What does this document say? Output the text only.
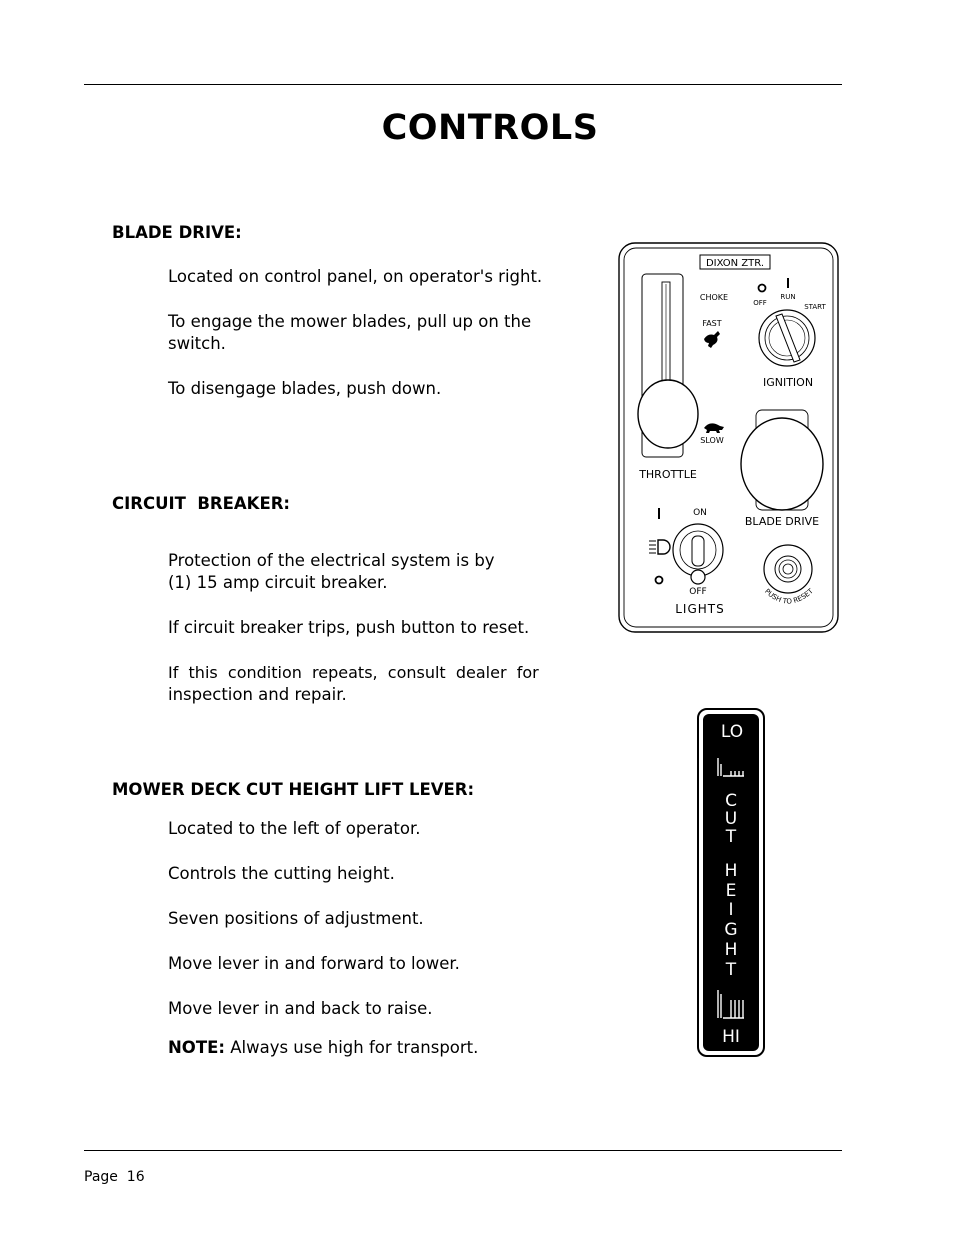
CONTROLS
BLADE DRIVE:

Located on control panel, on operator's right.

To engage the mower blades, pull up on the

switch.

To disengage blades, push down.

CIRCUIT  BREAKER:

Protection of the electrical system is by

(1) 15 amp circuit breaker.

If circuit breaker trips, push button to reset.

If  this  condition  repeats,  consult  dealer  for

inspection and repair.

MOWER DECK CUT HEIGHT LIFT LEVER:

Located to the left of operator.

Controls the cutting height.

Seven positions of adjustment.

Move lever in and forward to lower.

Move lever in and back to raise.

NOTE: Always use high for transport.

DIXON ZTR.
THROTTLE
CHOKE
FAST
SLOW
OFF
RUN
START
IGNITION
BLADE DRIVE
ON
OFF
LIGHTS
PUSH TO RESET
LO
C
U
T
H
E
I
G
H
T
HI
Page  16
